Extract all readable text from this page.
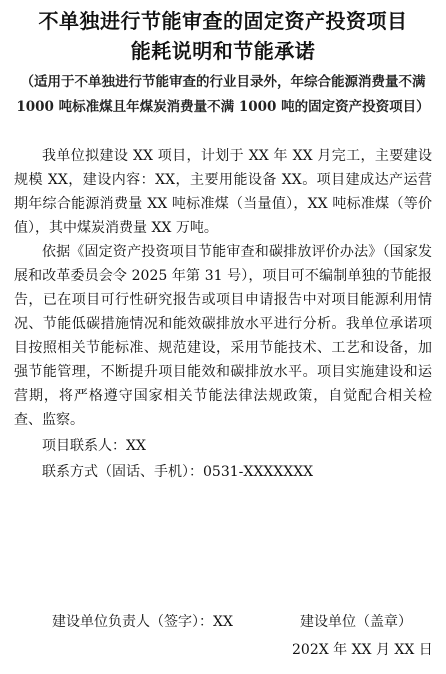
不单独进行节能审查的固定资产投资项目

能耗说明和节能承诺

（适用于不单独进行节能审查的行业目录外，年综合能源消费量不满 1000 吨标准煤且年煤炭消费量不满 1000 吨的固定资产投资项目）

我单位拟建设 XX 项目，计划于 XX 年 XX 月完工，主要建设规模 XX，建设内容：XX，主要用能设备 XX。项目建成达产运营期年综合能源消费量 XX 吨标准煤（当量值），XX 吨标准煤（等价值），其中煤炭消费量 XX 万吨。

依据《固定资产投资项目节能审查和碳排放评价办法》（国家发展和改革委员会令 2025 年第 31 号），项目可不编制单独的节能报告，已在项目可行性研究报告或项目申请报告中对项目能源利用情况、节能低碳措施情况和能效碳排放水平进行分析。我单位承诺项目按照相关节能标准、规范建设，采用节能技术、工艺和设备，加强节能管理，不断提升项目能效和碳排放水平。项目实施建设和运营期，将严格遵守国家相关节能法律法规政策，自觉配合相关检查、监察。

项目联系人：XX

联系方式（固话、手机）：0531-XXXXXXX

建设单位负责人（签字）：XX	建设单位（盖章）
202X 年 XX 月 XX 日
